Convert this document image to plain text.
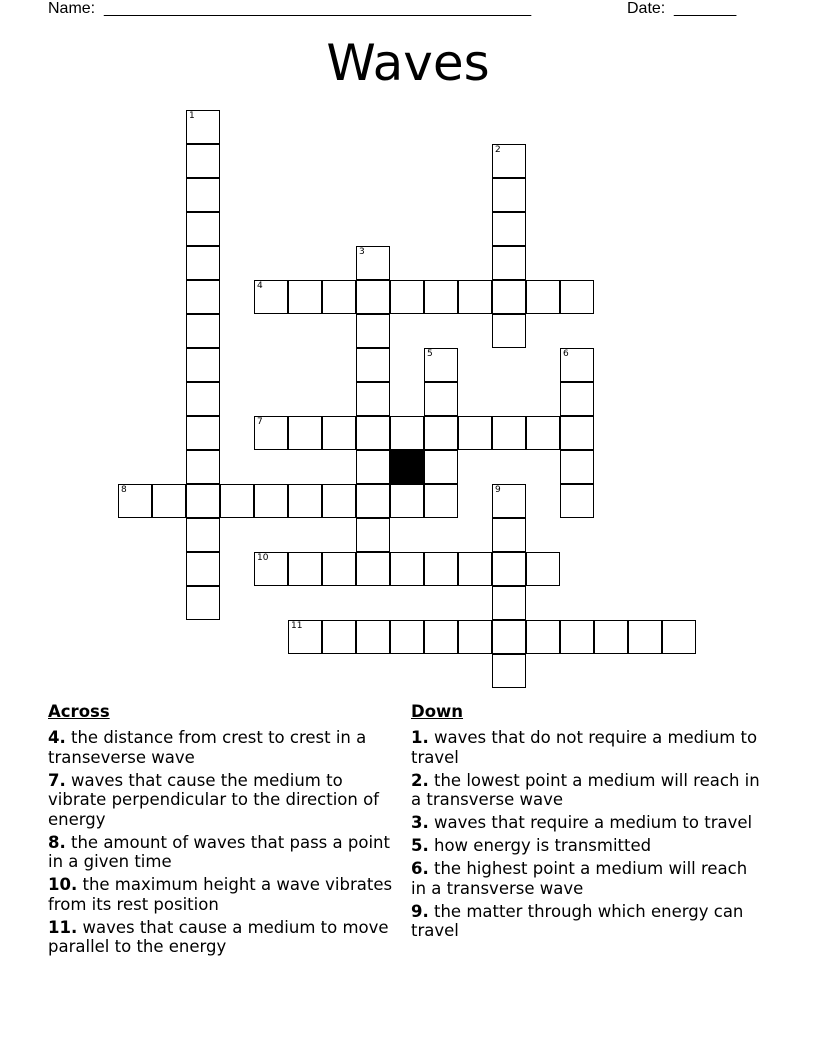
Name: ________________________________________________	Date: _______
Waves
4
7
8
10
11
1
2
3
5	6
9
Across
4. the distance from crest to crest in a transeverse wave
7. waves that cause the medium to vibrate perpendicular to the direction of energy
8. the amount of waves that pass a point in a given time
10. the maximum height a wave vibrates from its rest position
11. waves that cause a medium to move parallel to the energy
Down
1. waves that do not require a medium to travel
2. the lowest point a medium will reach in a transverse wave
3. waves that require a medium to travel
5. how energy is transmitted
6. the highest point a medium will reach in a transverse wave
9. the matter through which energy can travel
